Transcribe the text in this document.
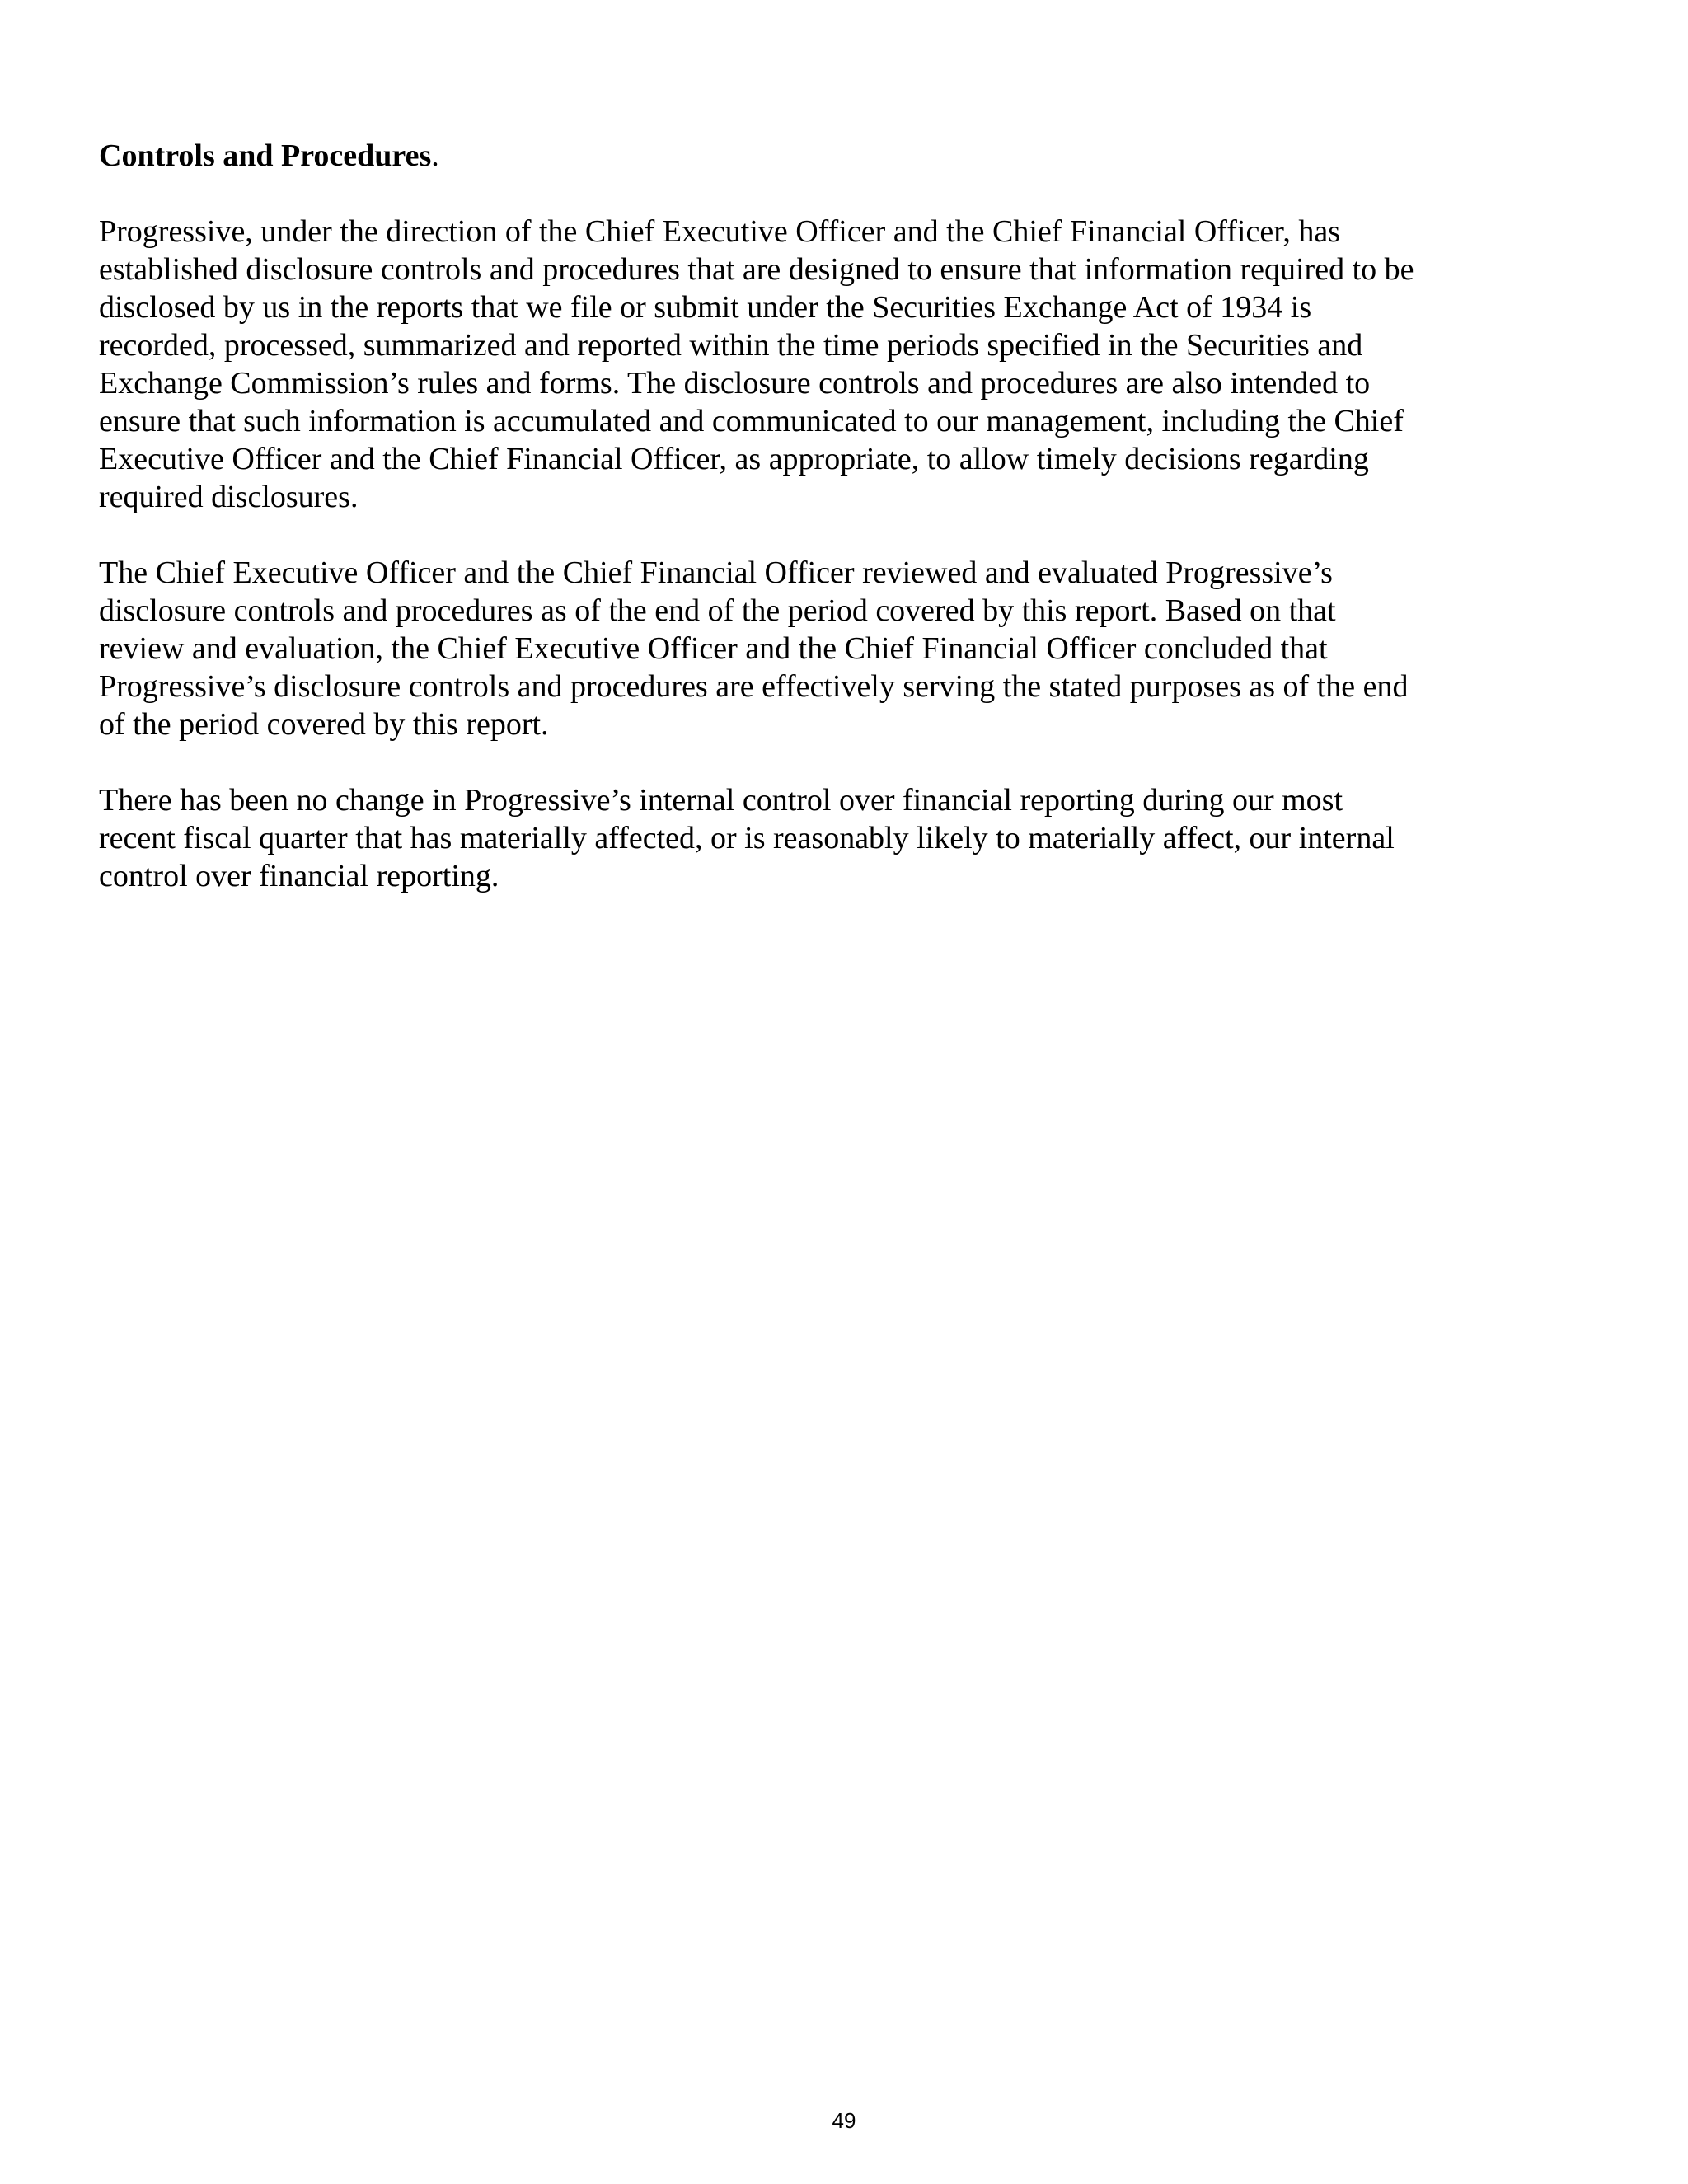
Controls and Procedures.

Progressive, under the direction of the Chief Executive Officer and the Chief Financial Officer, has
established disclosure controls and procedures that are designed to ensure that information required to be
disclosed by us in the reports that we file or submit under the Securities Exchange Act of 1934 is
recorded, processed, summarized and reported within the time periods specified in the Securities and
Exchange Commission’s rules and forms. The disclosure controls and procedures are also intended to
ensure that such information is accumulated and communicated to our management, including the Chief
Executive Officer and the Chief Financial Officer, as appropriate, to allow timely decisions regarding
required disclosures.

The Chief Executive Officer and the Chief Financial Officer reviewed and evaluated Progressive’s
disclosure controls and procedures as of the end of the period covered by this report. Based on that
review and evaluation, the Chief Executive Officer and the Chief Financial Officer concluded that
Progressive’s disclosure controls and procedures are effectively serving the stated purposes as of the end
of the period covered by this report.

There has been no change in Progressive’s internal control over financial reporting during our most
recent fiscal quarter that has materially affected, or is reasonably likely to materially affect, our internal
control over financial reporting.

49
